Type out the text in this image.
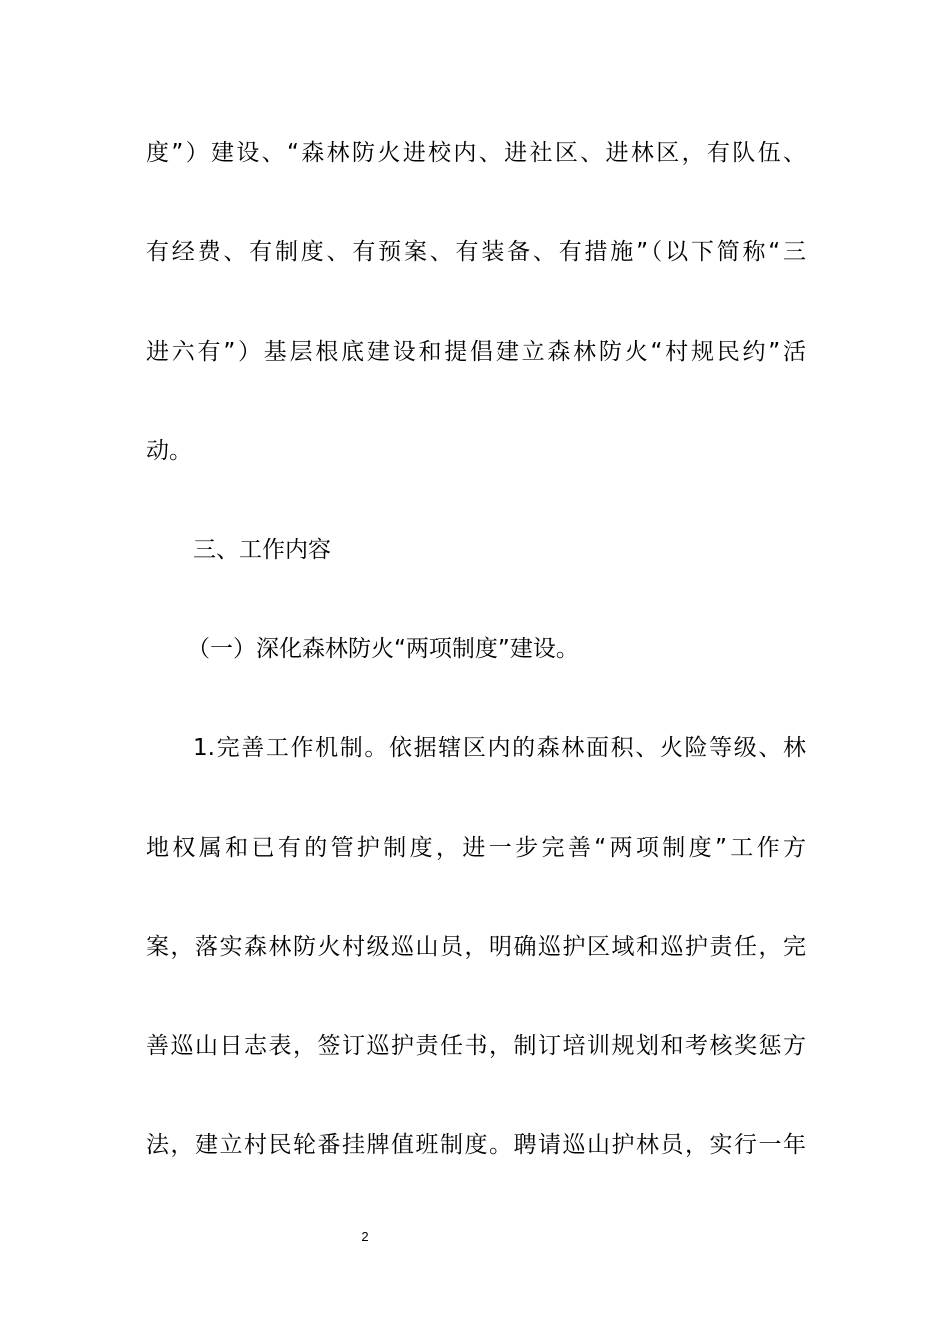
度”）建设、“森林防火进校内、进社区、进林区，有队伍、
有经费、有制度、有预案、有装备、有措施”（以下简称“三
进六有”）基层根底建设和提倡建立森林防火“村规民约”活
动。
三、工作内容
（一）深化森林防火“两项制度”建设。
1.完善工作机制。依据辖区内的森林面积、火险等级、林
地权属和已有的管护制度，进一步完善“两项制度”工作方
案，落实森林防火村级巡山员，明确巡护区域和巡护责任，完
善巡山日志表，签订巡护责任书，制订培训规划和考核奖惩方
法，建立村民轮番挂牌值班制度。聘请巡山护林员，实行一年
2
